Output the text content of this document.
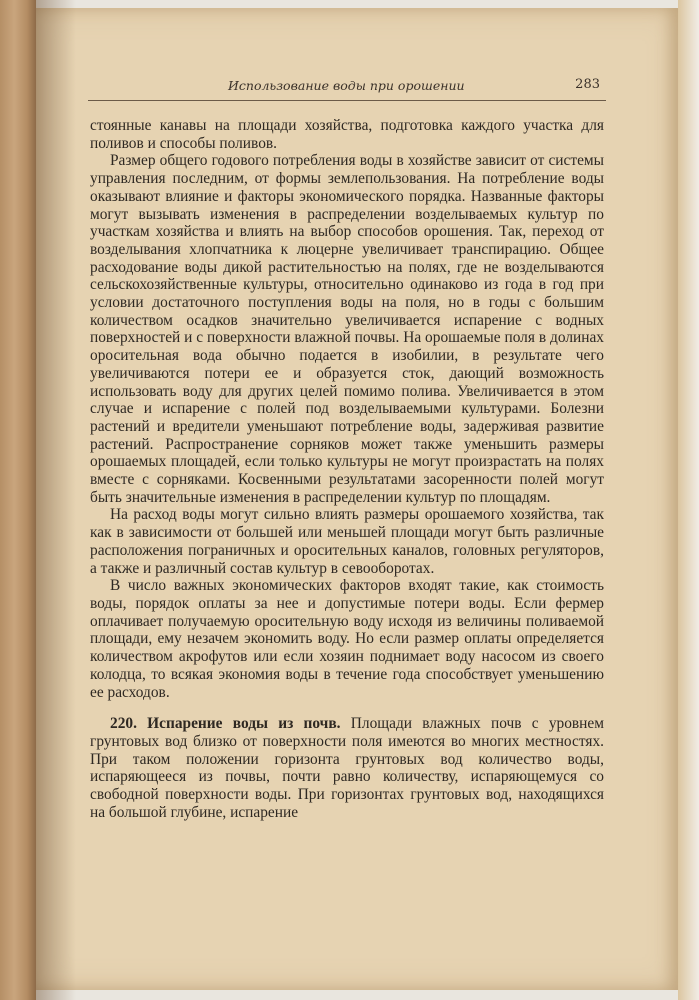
Использование воды при орошении	283

стоянные канавы на площади хозяйства, подготовка каждого участка для поливов и способы поливов.

Размер общего годового потребления воды в хозяйстве зависит от системы управления последним, от формы землепользования. На потребление воды оказывают влияние и факторы экономического порядка. Названные факторы могут вызывать изменения в распределении возделываемых культур по участкам хозяйства и влиять на выбор способов орошения. Так, переход от возделывания хлопчатника к люцерне увеличивает транспирацию. Общее расходование воды дикой растительностью на полях, где не возделываются сельскохозяйственные культуры, относительно одинаково из года в год при условии достаточного поступления воды на поля, но в годы с большим количеством осадков значительно увеличивается испарение с водных поверхностей и с поверхности влажной почвы. На орошаемые поля в долинах оросительная вода обычно подается в изобилии, в результате чего увеличиваются потери ее и образуется сток, дающий возможность использовать воду для других целей помимо полива. Увеличивается в этом случае и испарение с полей под возделываемыми культурами. Болезни растений и вредители уменьшают потребление воды, задерживая развитие растений. Распространение сорняков может также уменьшить размеры орошаемых площадей, если только культуры не могут произрастать на полях вместе с сорняками. Косвенными результатами засоренности полей могут быть значительные изменения в распределении культур по площадям.

На расход воды могут сильно влиять размеры орошаемого хозяйства, так как в зависимости от большей или меньшей площади могут быть различные расположения пограничных и оросительных каналов, головных регуляторов, а также и различный состав культур в севооборотах.

В число важных экономических факторов входят такие, как стоимость воды, порядок оплаты за нее и допустимые потери воды. Если фермер оплачивает получаемую оросительную воду исходя из величины поливаемой площади, ему незачем экономить воду. Но если размер оплаты определяется количеством акрофутов или если хозяин поднимает воду насосом из своего колодца, то всякая экономия воды в течение года способствует уменьшению ее расходов.

220. Испарение воды из почв. Площади влажных почв с уровнем грунтовых вод близко от поверхности поля имеются во многих местностях. При таком положении горизонта грунтовых вод количество воды, испаряющееся из почвы, почти равно количеству, испаряющемуся со свободной поверхности воды. При горизонтах грунтовых вод, находящихся на большой глубине, испарение
